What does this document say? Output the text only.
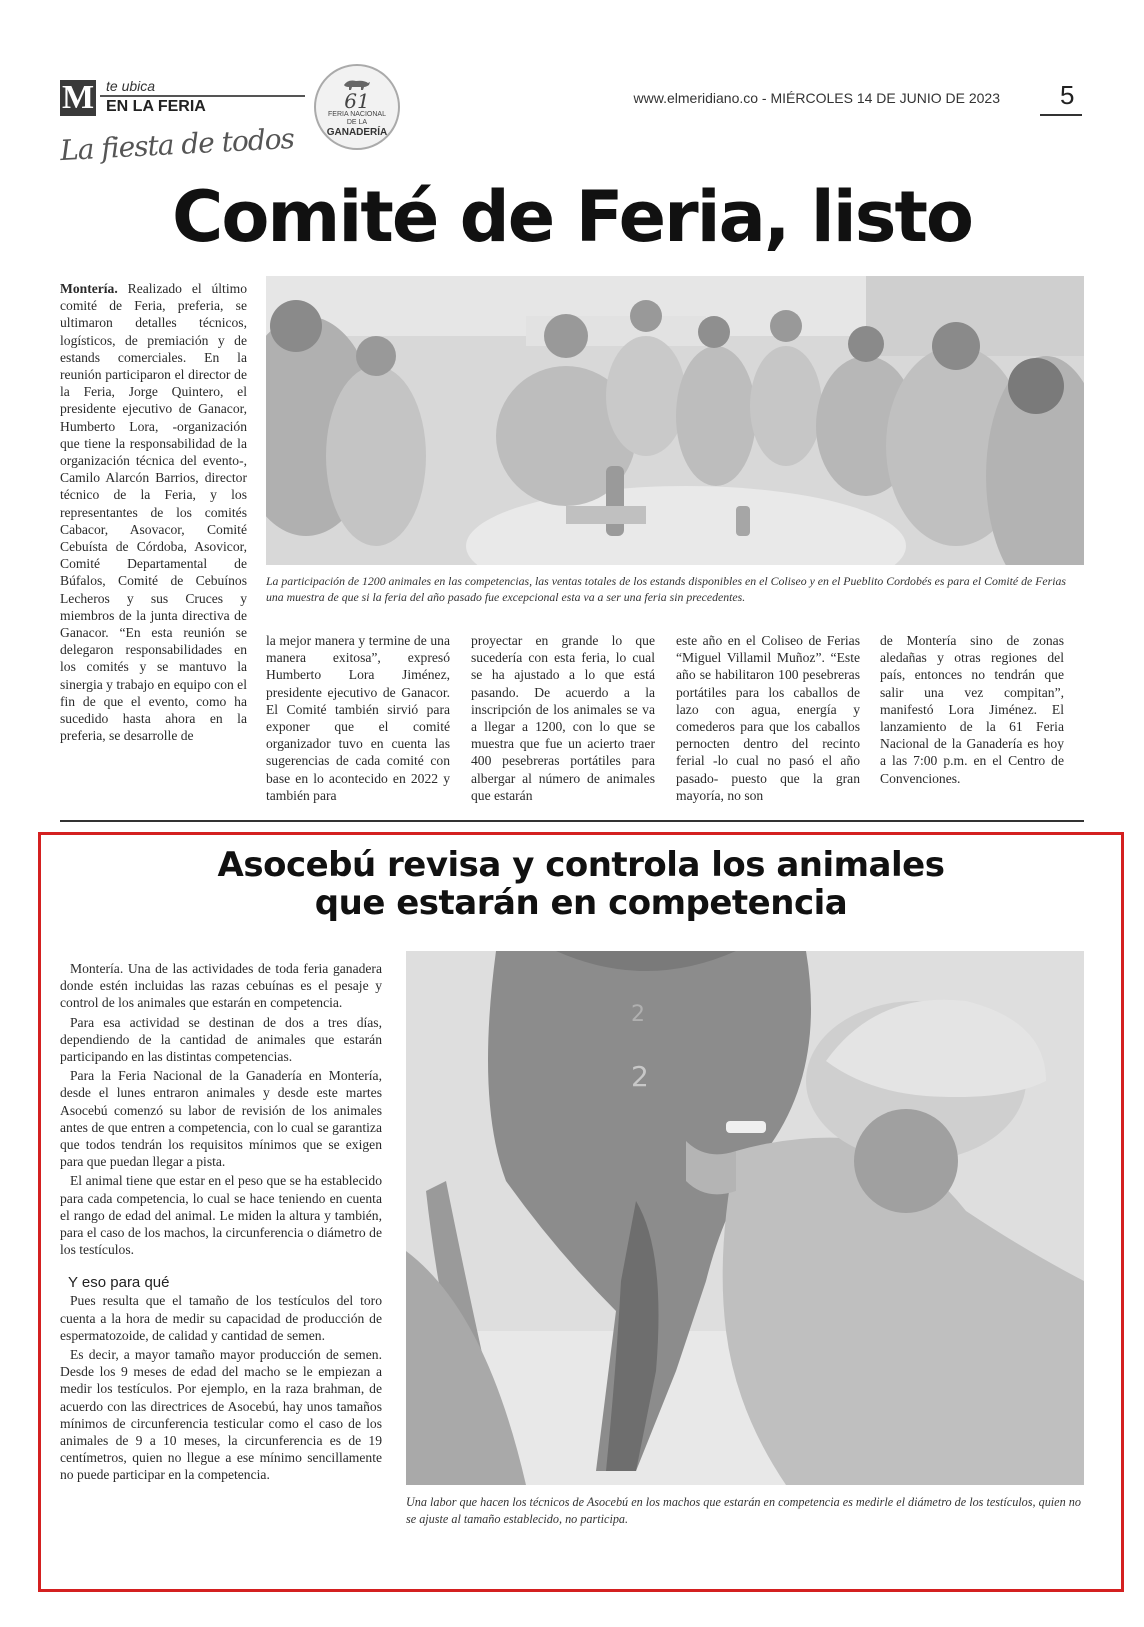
M te ubica
EN LA FERIA
La fiesta de todos
61
FERIA NACIONAL
DE LA
GANADERÍA
www.elmeridiano.co - MIÉRCOLES 14 DE JUNIO DE 2023 5
Comité de Feria, listo
Montería. Realizado el último comité de Feria, preferia, se ultimaron detalles técnicos, logísticos, de premiación y de estands comerciales. En la reunión participaron el director de la Feria, Jorge Quintero, el presidente ejecutivo de Ganacor, Humberto Lora, -organización que tiene la responsabilidad de la organización técnica del evento-, Camilo Alarcón Barrios, director técnico de la Feria, y los representantes de los comités Cabacor, Asovacor, Comité Cebuísta de Córdoba, Asovicor, Comité Departamental de Búfalos, Comité de Cebuínos Lecheros y sus Cruces y miembros de la junta directiva de Ganacor. “En esta reunión se delegaron responsabilidades en los comités y se mantuvo la sinergia y trabajo en equipo con el fin de que el evento, como ha sucedido hasta ahora en la preferia, se desarrolle de
La participación de 1200 animales en las competencias, las ventas totales de los estands disponibles en el Coliseo y en el Pueblito Cordobés es para el Comité de Ferias una muestra de que si la feria del año pasado fue excepcional esta va a ser una feria sin precedentes.
la mejor manera y termine de una manera exitosa”, expresó Humberto Lora Jiménez, presidente ejecutivo de Ganacor. El Comité también sirvió para exponer que el comité organizador tuvo en cuenta las sugerencias de cada comité con base en lo acontecido en 2022 y también para
proyectar en grande lo que sucedería con esta feria, lo cual se ha ajustado a lo que está pasando. De acuerdo a la inscripción de los animales se va a llegar a 1200, con lo que se muestra que fue un acierto traer 400 pesebreras portátiles para albergar al número de animales que estarán
este año en el Coliseo de Ferias “Miguel Villamil Muñoz”. “Este año se habilitaron 100 pesebreras portátiles para los caballos de lazo con agua, energía y comederos para que los caballos pernocten dentro del recinto ferial -lo cual no pasó el año pasado- puesto que la gran mayoría, no son
de Montería sino de zonas aledañas y otras regiones del país, entonces no tendrán que salir una vez compitan”, manifestó Lora Jiménez. El lanzamiento de la 61 Feria Nacional de la Ganadería es hoy a las 7:00 p.m. en el Centro de Convenciones.
Asocebú revisa y controla los animales
que estarán en competencia

Montería. Una de las actividades de toda feria ganadera donde estén incluidas las razas cebuínas es el pesaje y control de los animales que estarán en competencia.

Para esa actividad se destinan de dos a tres días, dependiendo de la cantidad de animales que estarán participando en las distintas competencias.

Para la Feria Nacional de la Ganadería en Montería, desde el lunes entraron animales y desde este martes Asocebú comenzó su labor de revisión de los animales antes de que entren a competencia, con lo cual se garantiza que todos tendrán los requisitos mínimos que se exigen para que puedan llegar a pista.

El animal tiene que estar en el peso que se ha establecido para cada competencia, lo cual se hace teniendo en cuenta el rango de edad del animal. Le miden la altura y también, para el caso de los machos, la circunferencia o diámetro de los testículos.

Y eso para qué

Pues resulta que el tamaño de los testículos del toro cuenta a la hora de medir su capacidad de producción de espermatozoide, de calidad y cantidad de semen.

Es decir, a mayor tamaño mayor producción de semen. Desde los 9 meses de edad del macho se le empiezan a medir los testículos. Por ejemplo, en la raza brahman, de acuerdo con las directrices de Asocebú, hay unos tamaños mínimos de circunferencia testicular como el caso de los animales de 9 a 10 meses, la circunferencia es de 19 centímetros, quien no llegue a ese mínimo sencillamente no puede participar en la competencia.

2
2
Una labor que hacen los técnicos de Asocebú en los machos que estarán en competencia es medirle el diámetro de los testículos, quien no se ajuste al tamaño establecido, no participa.
